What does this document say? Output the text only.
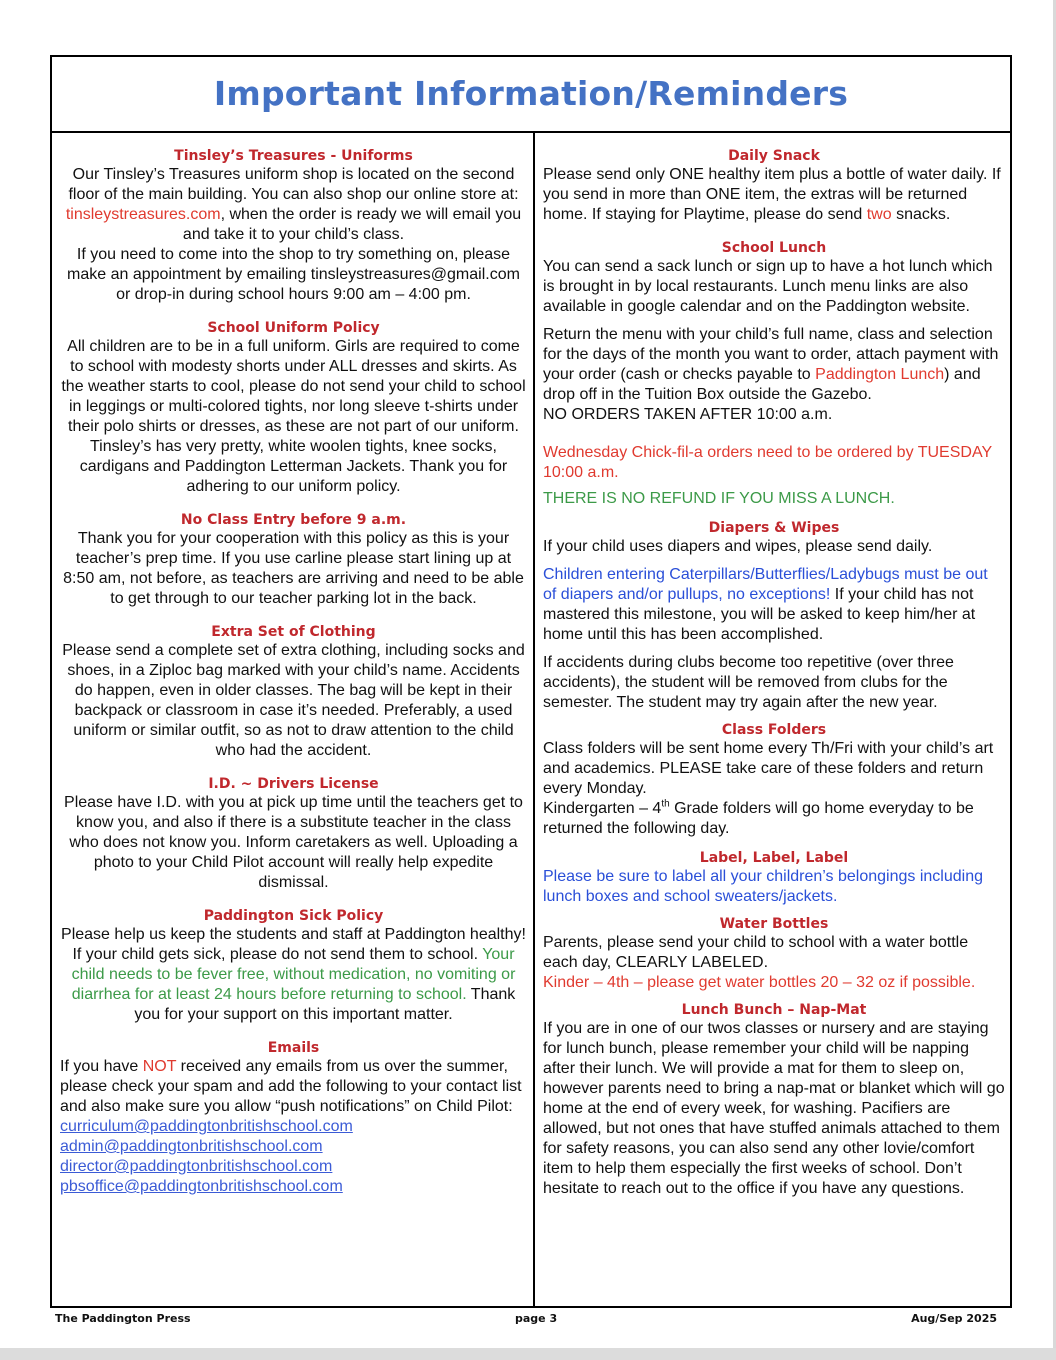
Important Information/Reminders
Tinsley’s Treasures - Uniforms

Our Tinsley’s Treasures uniform shop is located on the second floor of the main building. You can also shop our online store at: tinsleystreasures.com, when the order is ready we will email you and take it to your child’s class.

If you need to come into the shop to try something on, please make an appointment by emailing tinsleystreasures@gmail.com or drop-in during school hours 9:00 am – 4:00 pm.

School Uniform Policy

All children are to be in a full uniform. Girls are required to come to school with modesty shorts under ALL dresses and skirts. As the weather starts to cool, please do not send your child to school in leggings or multi-colored tights, nor long sleeve t-shirts under their polo shirts or dresses, as these are not part of our uniform. Tinsley’s has very pretty, white woolen tights, knee socks, cardigans and Paddington Letterman Jackets. Thank you for adhering to our uniform policy.

No Class Entry before 9 a.m.

Thank you for your cooperation with this policy as this is your teacher’s prep time. If you use carline please start lining up at 8:50 am, not before, as teachers are arriving and need to be able to get through to our teacher parking lot in the back.

Extra Set of Clothing

Please send a complete set of extra clothing, including socks and shoes, in a Ziploc bag marked with your child’s name. Accidents do happen, even in older classes. The bag will be kept in their backpack or classroom in case it’s needed. Preferably, a used uniform or similar outfit, so as not to draw attention to the child who had the accident.

I.D. ~ Drivers License

Please have I.D. with you at pick up time until the teachers get to know you, and also if there is a substitute teacher in the class who does not know you. Inform caretakers as well. Uploading a photo to your Child Pilot account will really help expedite dismissal.

Paddington Sick Policy

Please help us keep the students and staff at Paddington healthy! If your child gets sick, please do not send them to school. Your child needs to be fever free, without medication, no vomiting or diarrhea for at least 24 hours before returning to school. Thank you for your support on this important matter.

Emails

If you have NOT received any emails from us over the summer, please check your spam and add the following to your contact list and also make sure you allow “push notifications” on Child Pilot:

curriculum@paddingtonbritishschool.com
admin@paddingtonbritishschool.com
director@paddingtonbritishschool.com
pbsoffice@paddingtonbritishschool.com
Daily Snack

Please send only ONE healthy item plus a bottle of water daily. If you send in more than ONE item, the extras will be returned home. If staying for Playtime, please do send two snacks.

School Lunch

You can send a sack lunch or sign up to have a hot lunch which is brought in by local restaurants. Lunch menu links are also available in google calendar and on the Paddington website.

Return the menu with your child’s full name, class and selection for the days of the month you want to order, attach payment with your order (cash or checks payable to Paddington Lunch) and drop off in the Tuition Box outside the Gazebo.

NO ORDERS TAKEN AFTER 10:00 a.m.

Wednesday Chick-fil-a orders need to be ordered by TUESDAY 10:00 a.m.

THERE IS NO REFUND IF YOU MISS A LUNCH.

Diapers & Wipes

If your child uses diapers and wipes, please send daily.

Children entering Caterpillars/Butterflies/Ladybugs must be out of diapers and/or pullups, no exceptions! If your child has not mastered this milestone, you will be asked to keep him/her at home until this has been accomplished.

If accidents during clubs become too repetitive (over three accidents), the student will be removed from clubs for the semester. The student may try again after the new year.

Class Folders

Class folders will be sent home every Th/Fri with your child’s art and academics. PLEASE take care of these folders and return every Monday.

Kindergarten – 4th Grade folders will go home everyday to be returned the following day.

Label, Label, Label

Please be sure to label all your children’s belongings including lunch boxes and school sweaters/jackets.

Water Bottles

Parents, please send your child to school with a water bottle each day, CLEARLY LABELED.

Kinder – 4th – please get water bottles 20 – 32 oz if possible.

Lunch Bunch – Nap-Mat

If you are in one of our twos classes or nursery and are staying for lunch bunch, please remember your child will be napping after their lunch. We will provide a mat for them to sleep on, however parents need to bring a nap-mat or blanket which will go home at the end of every week, for washing. Pacifiers are allowed, but not ones that have stuffed animals attached to them for safety reasons, you can also send any other lovie/comfort item to help them especially the first weeks of school. Don’t hesitate to reach out to the office if you have any questions.

The Paddington Press	page 3	Aug/Sep 2025
